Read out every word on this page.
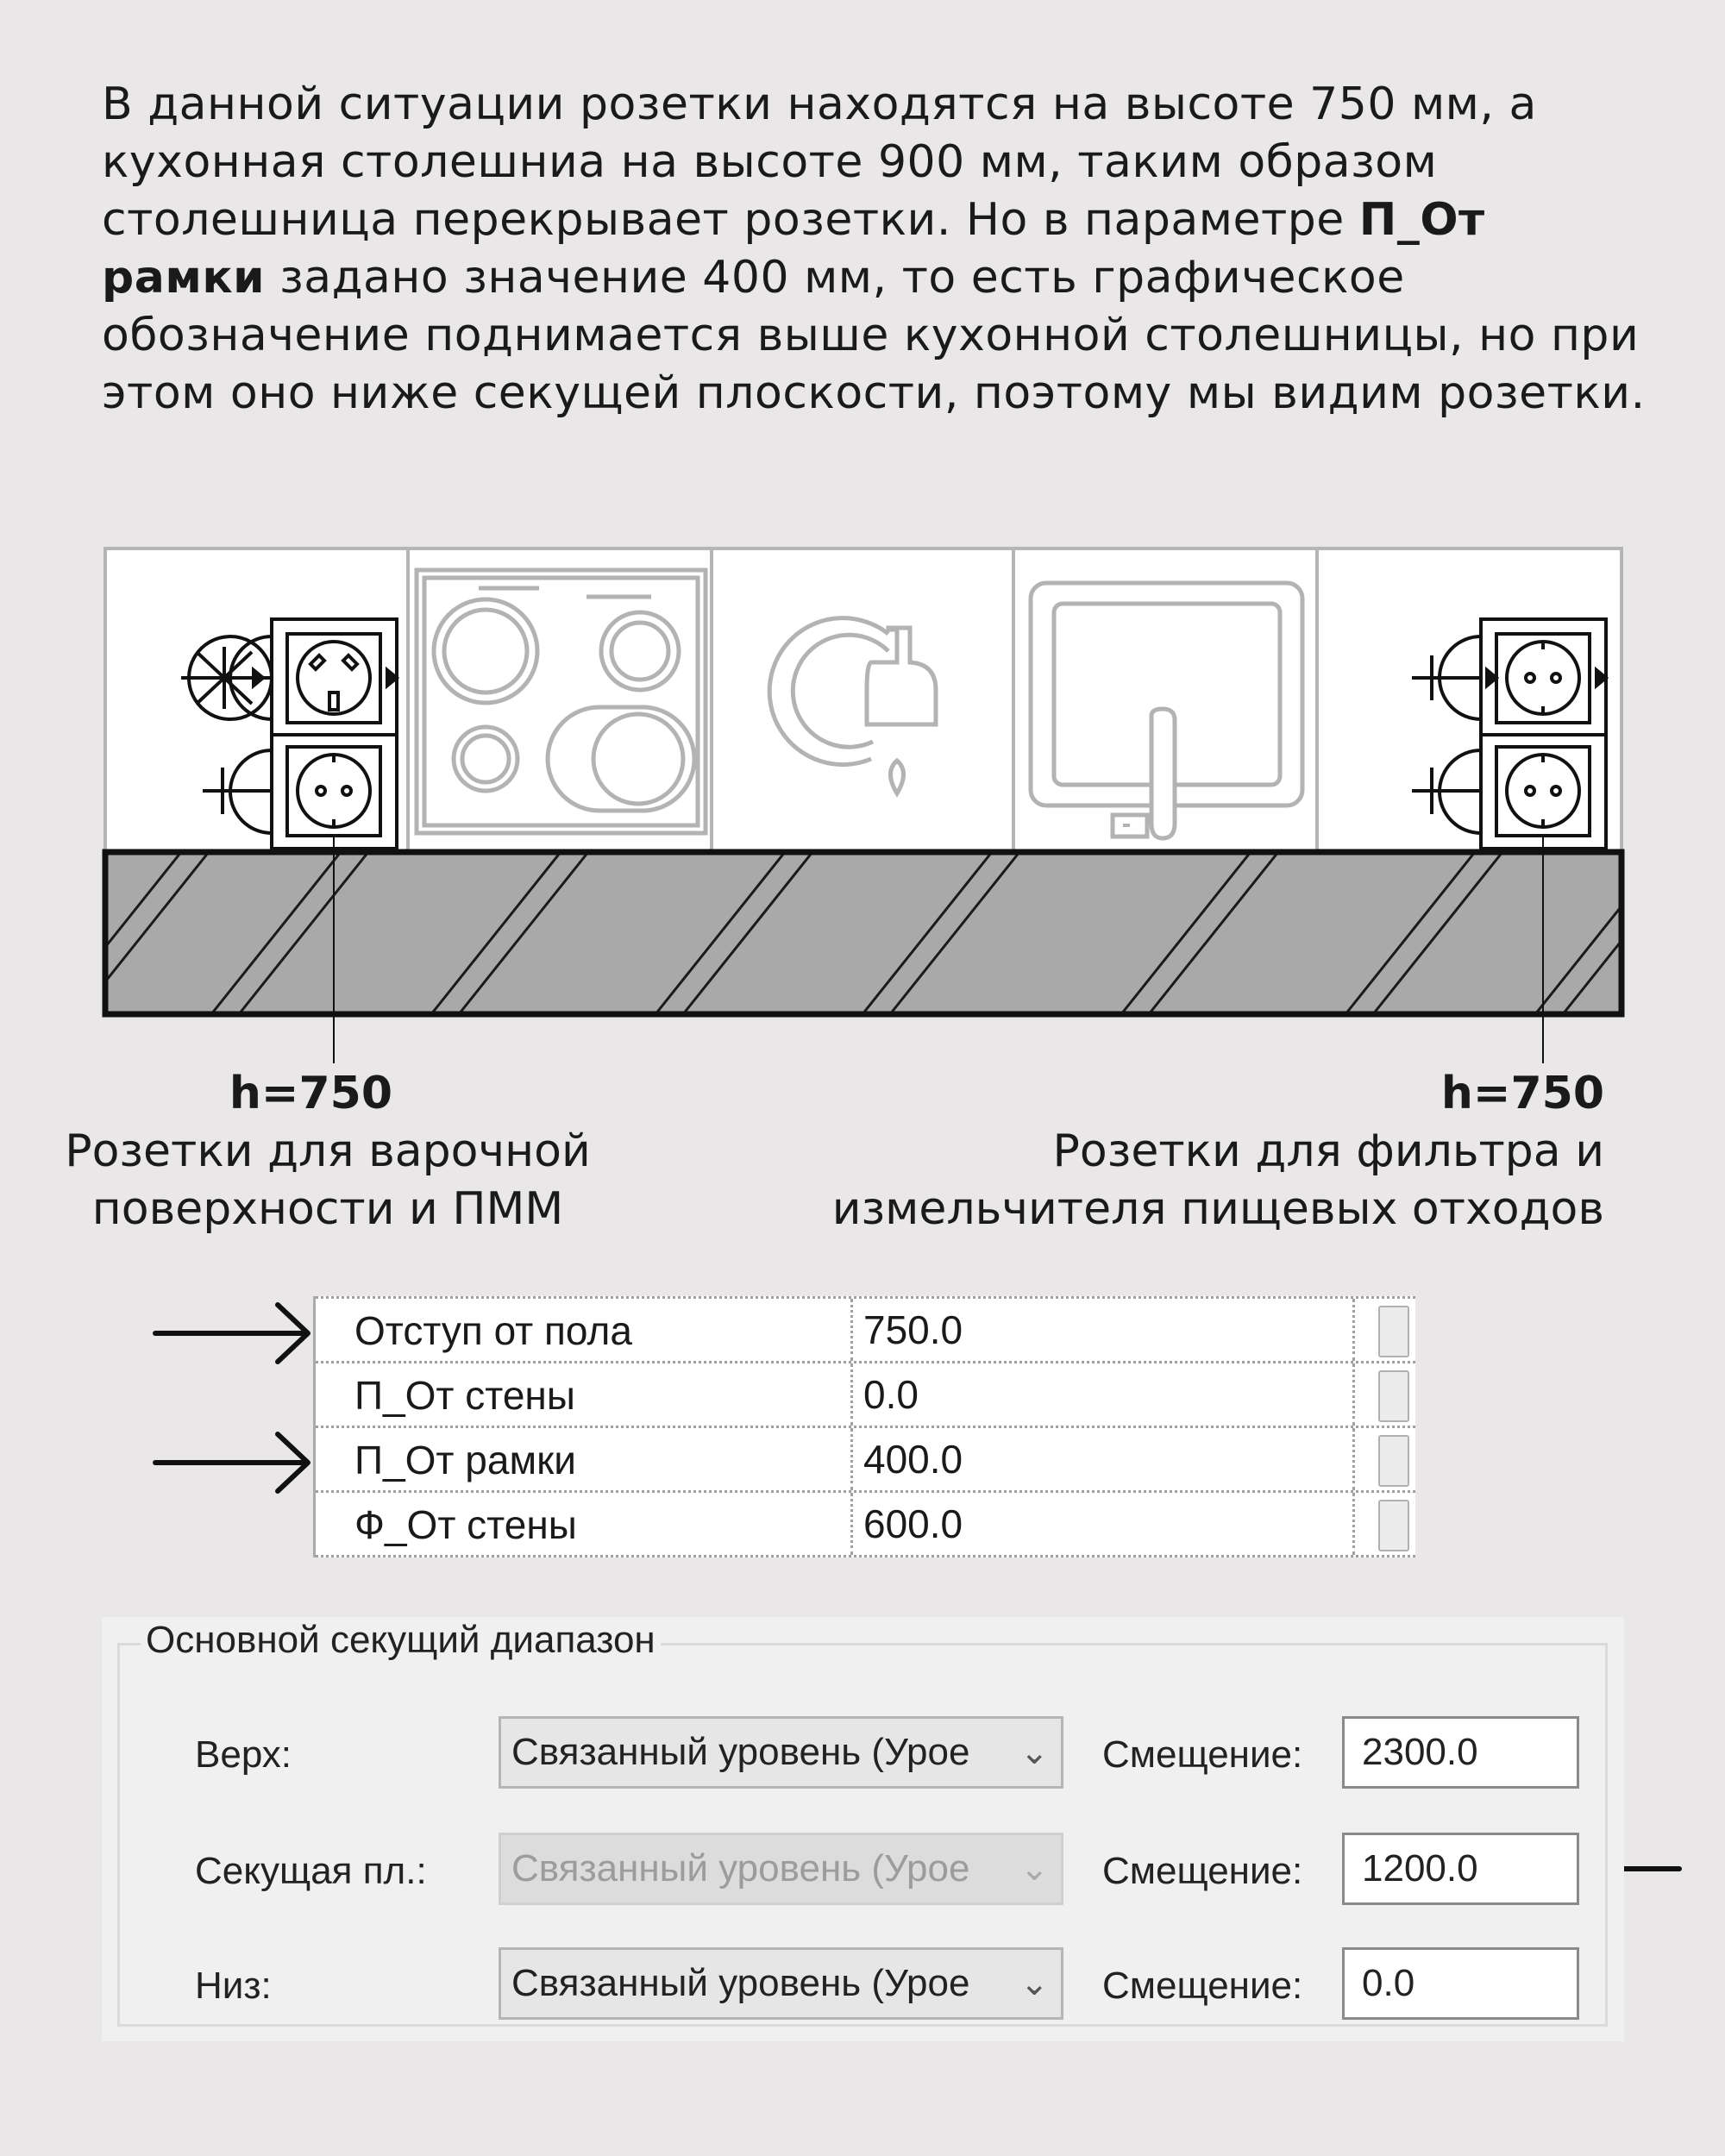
В данной ситуации розетки находятся на высоте 750 мм, а кухонная столешниа на высоте 900 мм, таким образом столешница перекрывает розетки. Но в параметре П_От рамки задано значение 400 мм, то есть графическое обозначение поднимается выше кухонной столешницы, но при этом оно ниже секущей плоскости, поэтому мы видим розетки.

h=750
Розетки для варочной
поверхности и ПММ
h=750
Розетки для фильтра и
измельчителя пищевых отходов
Отступ от пола	750.0
П_От стены	0.0
П_От рамки	400.0
Ф_От стены	600.0
Основной секущий диапазон
Верх:	Связанный уровень (Урое ⌄ Смещение:	2300.0
Секущая пл.:	Связанный уровень (Урое ⌄ Смещение:	1200.0
Низ:	Связанный уровень (Урое ⌄ Смещение:	0.0
